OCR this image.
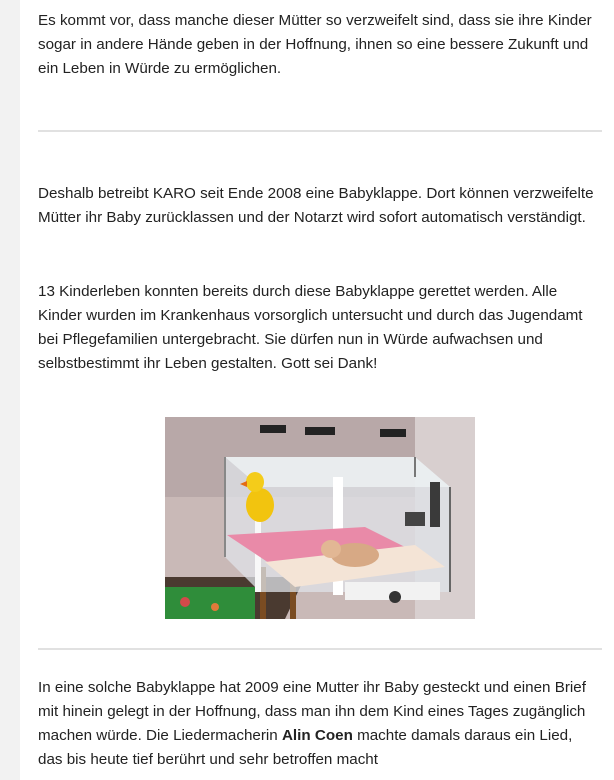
Es kommt vor, dass manche dieser Mütter so verzweifelt sind, dass sie ihre Kinder sogar in andere Hände geben in der Hoffnung, ihnen so eine bessere Zukunft und ein Leben in Würde zu ermöglichen.

Deshalb betreibt KARO seit Ende 2008 eine Babyklappe. Dort können verzweifelte Mütter ihr Baby zurücklassen und der Notarzt wird sofort automatisch verständigt.

13 Kinderleben konnten bereits durch diese Babyklappe gerettet werden. Alle Kinder wurden im Krankenhaus vorsorglich untersucht und durch das Jugendamt bei Pflegefamilien untergebracht. Sie dürfen nun in Würde aufwachsen und selbstbestimmt ihr Leben gestalten. Gott sei Dank!

In eine solche Babyklappe hat 2009 eine Mutter ihr Baby gesteckt und einen Brief mit hinein gelegt in der Hoffnung, dass man ihn dem Kind eines Tages zugänglich machen würde. Die Liedermacherin Alin Coen machte damals daraus ein Lied, das bis heute tief berührt und sehr betroffen macht
